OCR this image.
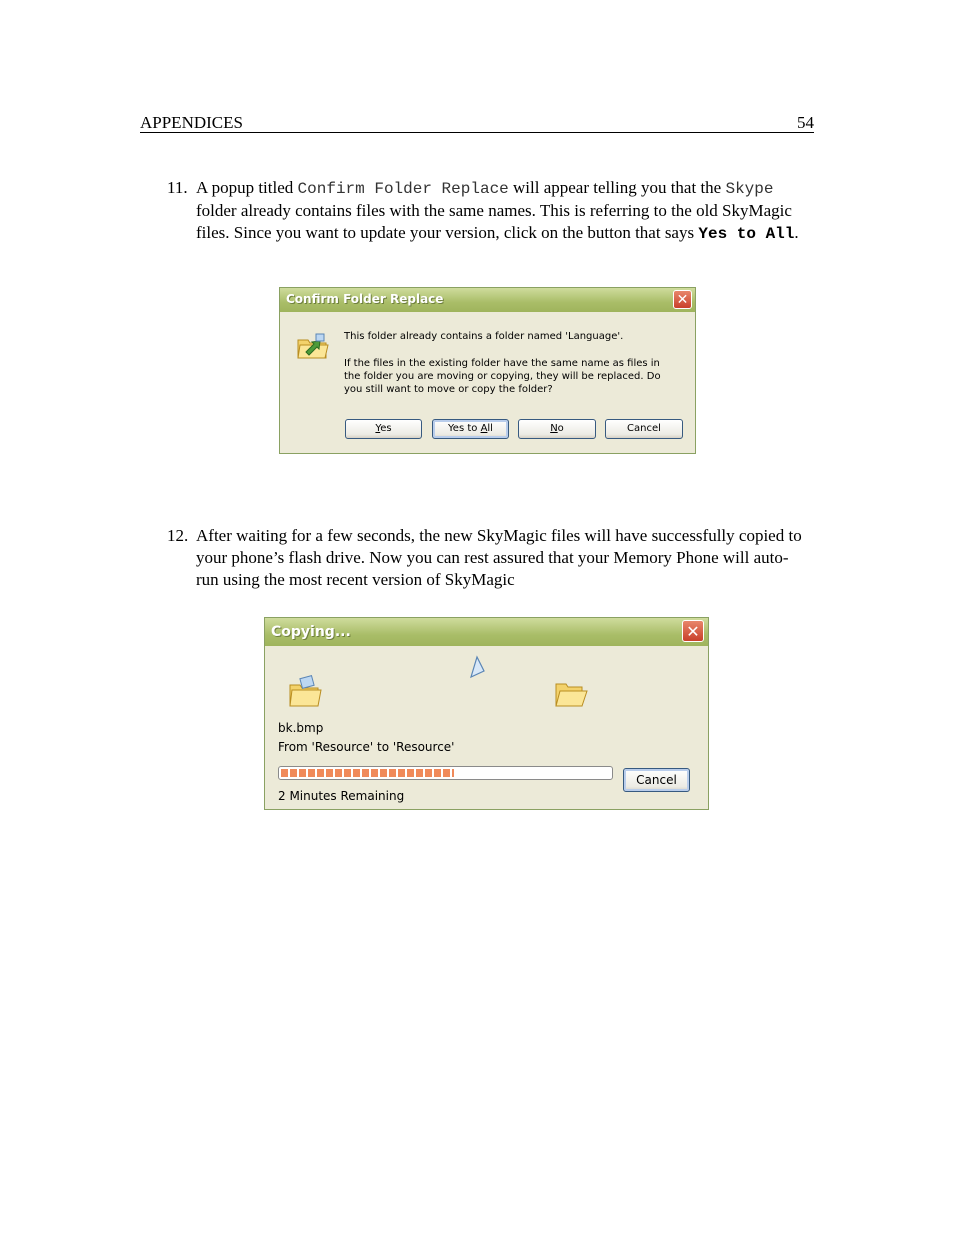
APPENDICES	54
11. A popup titled Confirm Folder Replace will appear telling you that the Skype folder already contains files with the same names. This is referring to the old SkyMagic files. Since you want to update your version, click on the button that says Yes to All.
Confirm Folder Replace	✕
This folder already contains a folder named 'Language'.
If the files in the existing folder have the same name as files in the folder you are moving or copying, they will be replaced. Do you still want to move or copy the folder?
Yes	Yes to All	No	Cancel
12. After waiting for a few seconds, the new SkyMagic files will have successfully copied to your phone’s flash drive. Now you can rest assured that your Memory Phone will auto-run using the most recent version of SkyMagic
Copying...	✕
bk.bmp
From 'Resource' to 'Resource'
Cancel
2 Minutes Remaining
